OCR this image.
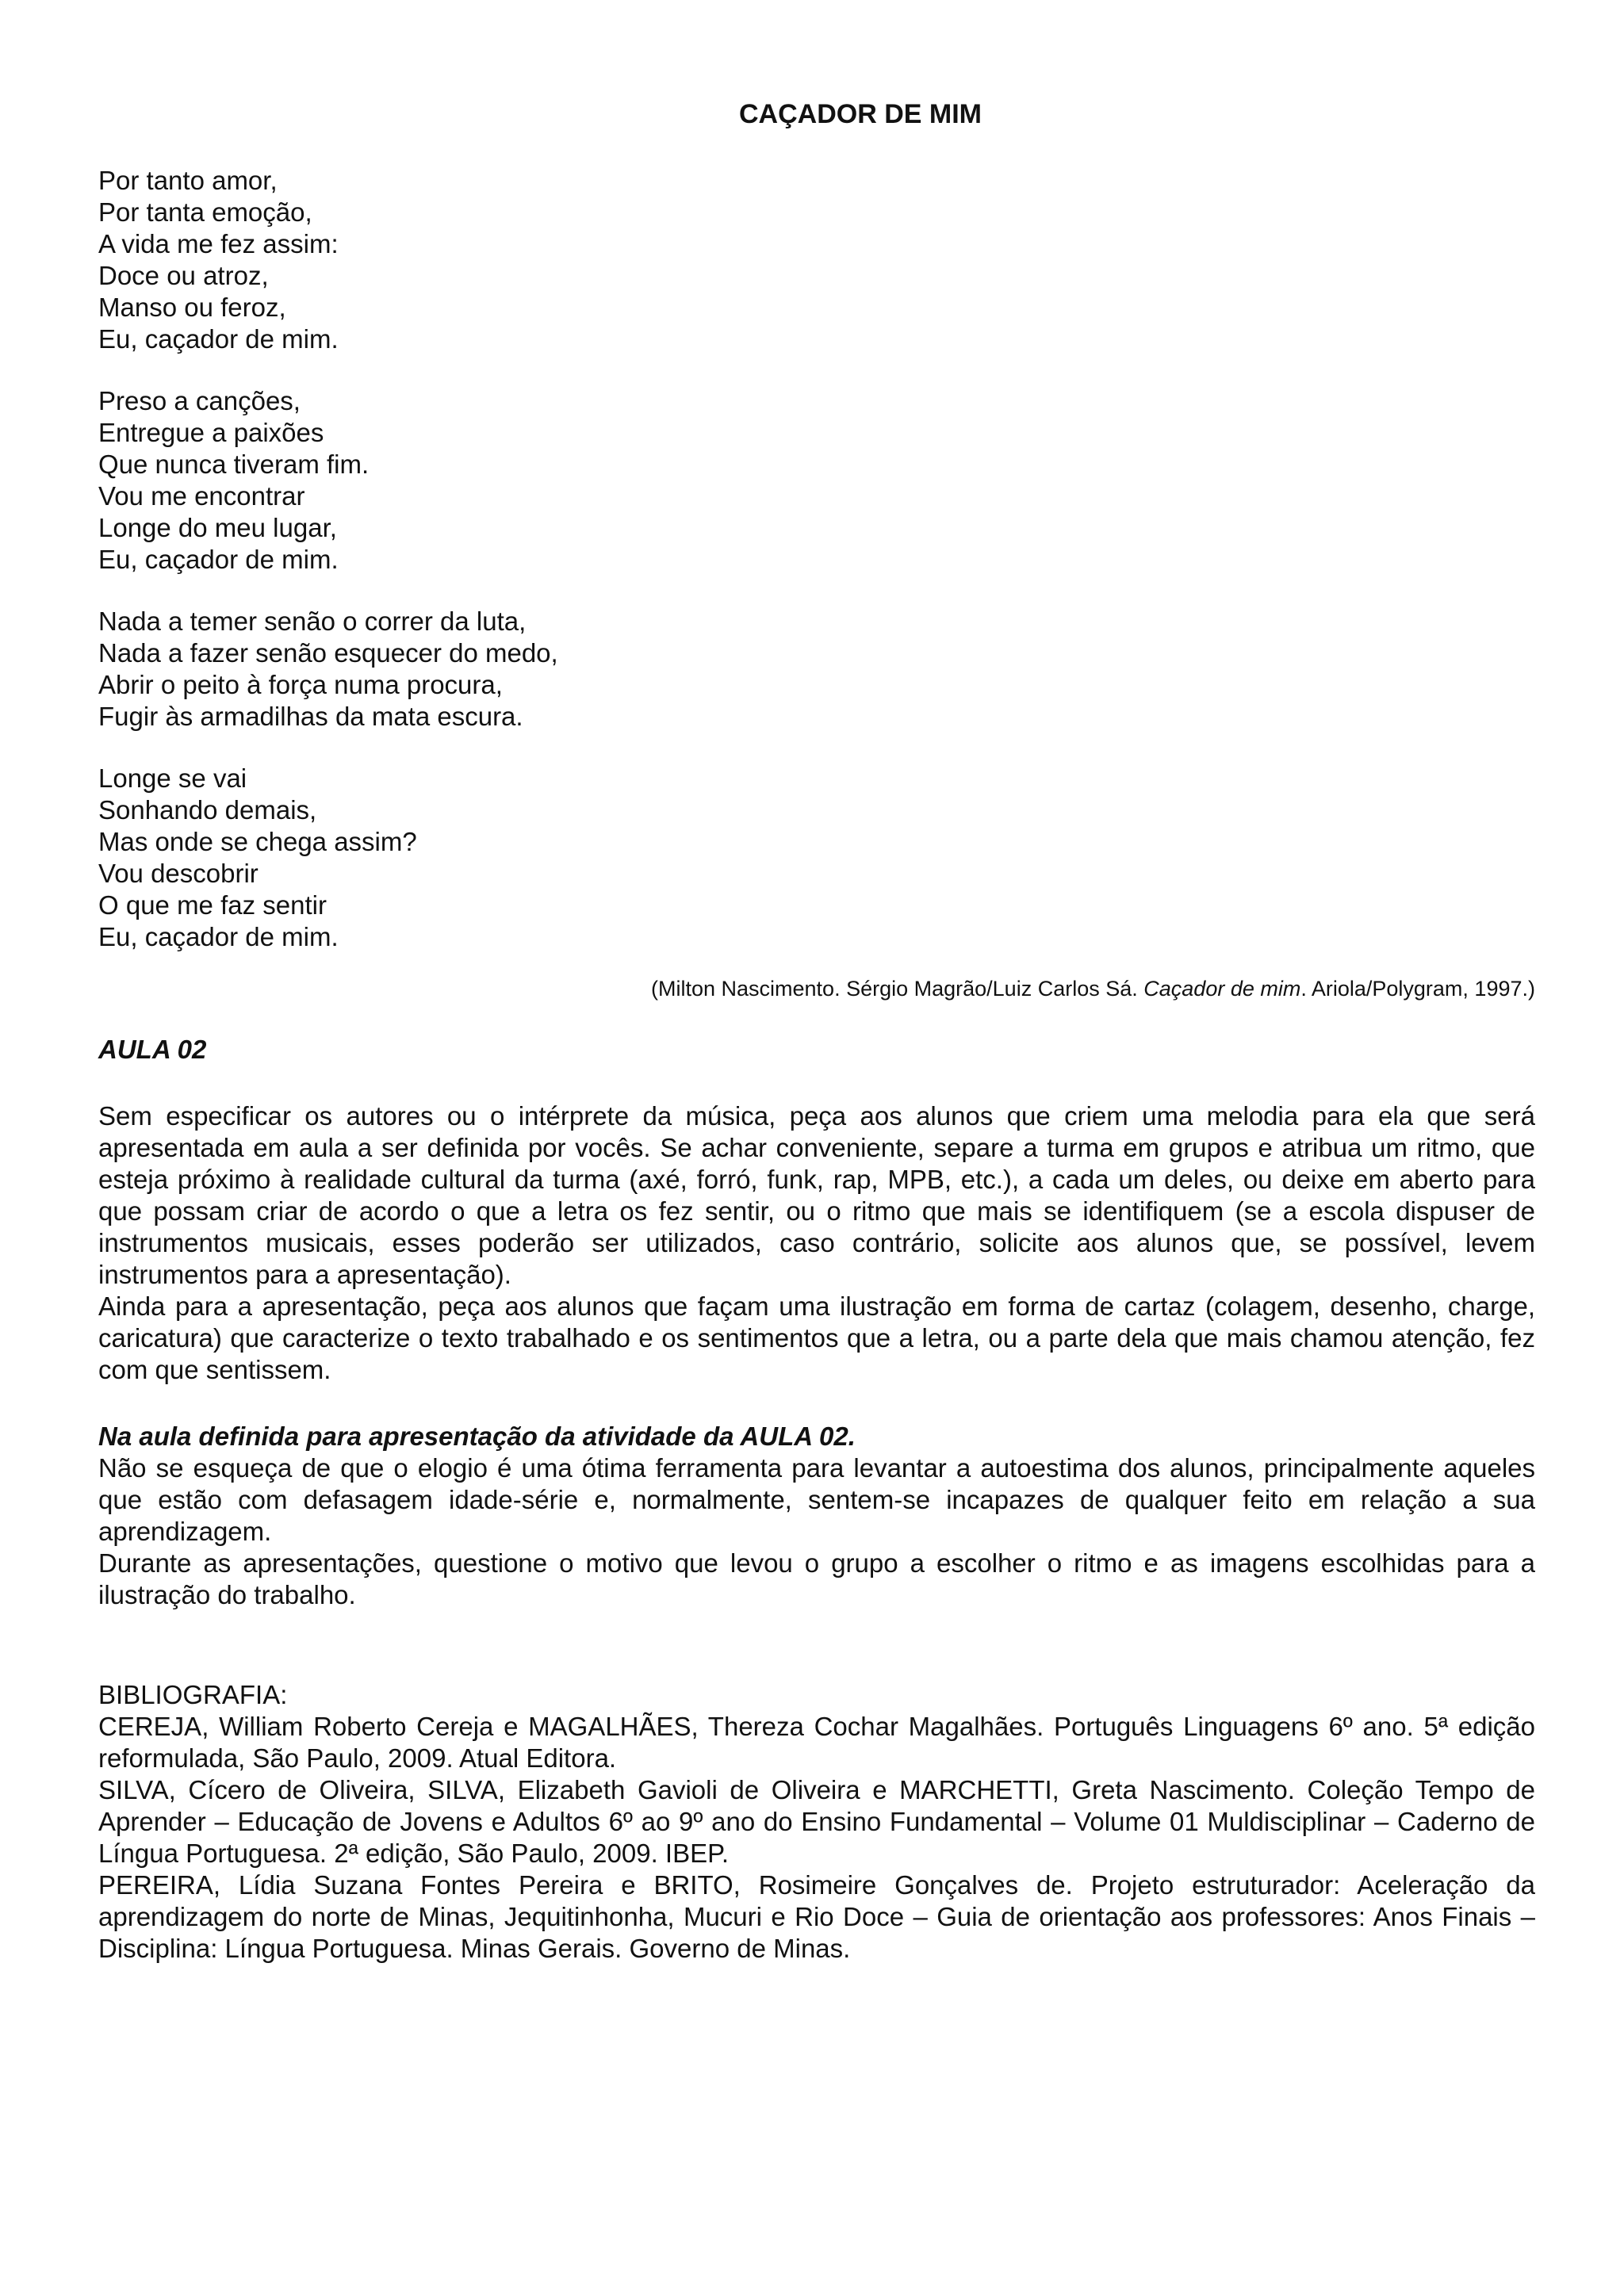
CAÇADOR DE MIM
Por tanto amor,
Por tanta emoção,
A vida me fez assim:
Doce ou atroz,
Manso ou feroz,
Eu, caçador de mim.
Preso a canções,
Entregue a paixões
Que nunca tiveram fim.
Vou me encontrar
Longe do meu lugar,
Eu, caçador de mim.
Nada a temer senão o correr da luta,
Nada a fazer senão esquecer do medo,
Abrir o peito à força numa procura,
Fugir às armadilhas da mata escura.
Longe se vai
Sonhando demais,
Mas onde se chega assim?
Vou descobrir
O que me faz sentir
Eu, caçador de mim.
(Milton Nascimento. Sérgio Magrão/Luiz Carlos Sá. Caçador de mim. Ariola/Polygram, 1997.)
AULA 02

Sem especificar os autores ou o intérprete da música, peça aos alunos que criem uma melodia para ela que será apresentada em aula a ser definida por vocês. Se achar conveniente, separe a turma em grupos e atribua um ritmo, que esteja próximo à realidade cultural da turma (axé, forró, funk, rap, MPB, etc.), a cada um deles, ou deixe em aberto para que possam criar de acordo o que a letra os fez sentir, ou o ritmo que mais se identifiquem (se a escola dispuser de instrumentos musicais, esses poderão ser utilizados, caso contrário, solicite aos alunos que, se possível, levem instrumentos para a apresentação).

Ainda para a apresentação, peça aos alunos que façam uma ilustração em forma de cartaz (colagem, desenho, charge, caricatura) que caracterize o texto trabalhado e os sentimentos que a letra, ou a parte dela que mais chamou atenção, fez com que sentissem.

Na aula definida para apresentação da atividade da AULA 02.

Não se esqueça de que o elogio é uma ótima ferramenta para levantar a autoestima dos alunos, principalmente aqueles que estão com defasagem idade-série e, normalmente, sentem-se incapazes de qualquer feito em relação a sua aprendizagem.

Durante as apresentações, questione o motivo que levou o grupo a escolher o ritmo e as imagens escolhidas para a ilustração do trabalho.

BIBLIOGRAFIA:

CEREJA, William Roberto Cereja e MAGALHÃES, Thereza Cochar Magalhães. Português Linguagens 6º ano. 5ª edição reformulada, São Paulo, 2009. Atual Editora.

SILVA, Cícero de Oliveira, SILVA, Elizabeth Gavioli de Oliveira e MARCHETTI, Greta Nascimento. Coleção Tempo de Aprender – Educação de Jovens e Adultos 6º ao 9º ano do Ensino Fundamental – Volume 01 Muldisciplinar – Caderno de Língua Portuguesa. 2ª edição, São Paulo, 2009. IBEP.

PEREIRA, Lídia Suzana Fontes Pereira e BRITO, Rosimeire Gonçalves de. Projeto estruturador: Aceleração da aprendizagem do norte de Minas, Jequitinhonha, Mucuri e Rio Doce – Guia de orientação aos professores: Anos Finais – Disciplina: Língua Portuguesa. Minas Gerais. Governo de Minas.
